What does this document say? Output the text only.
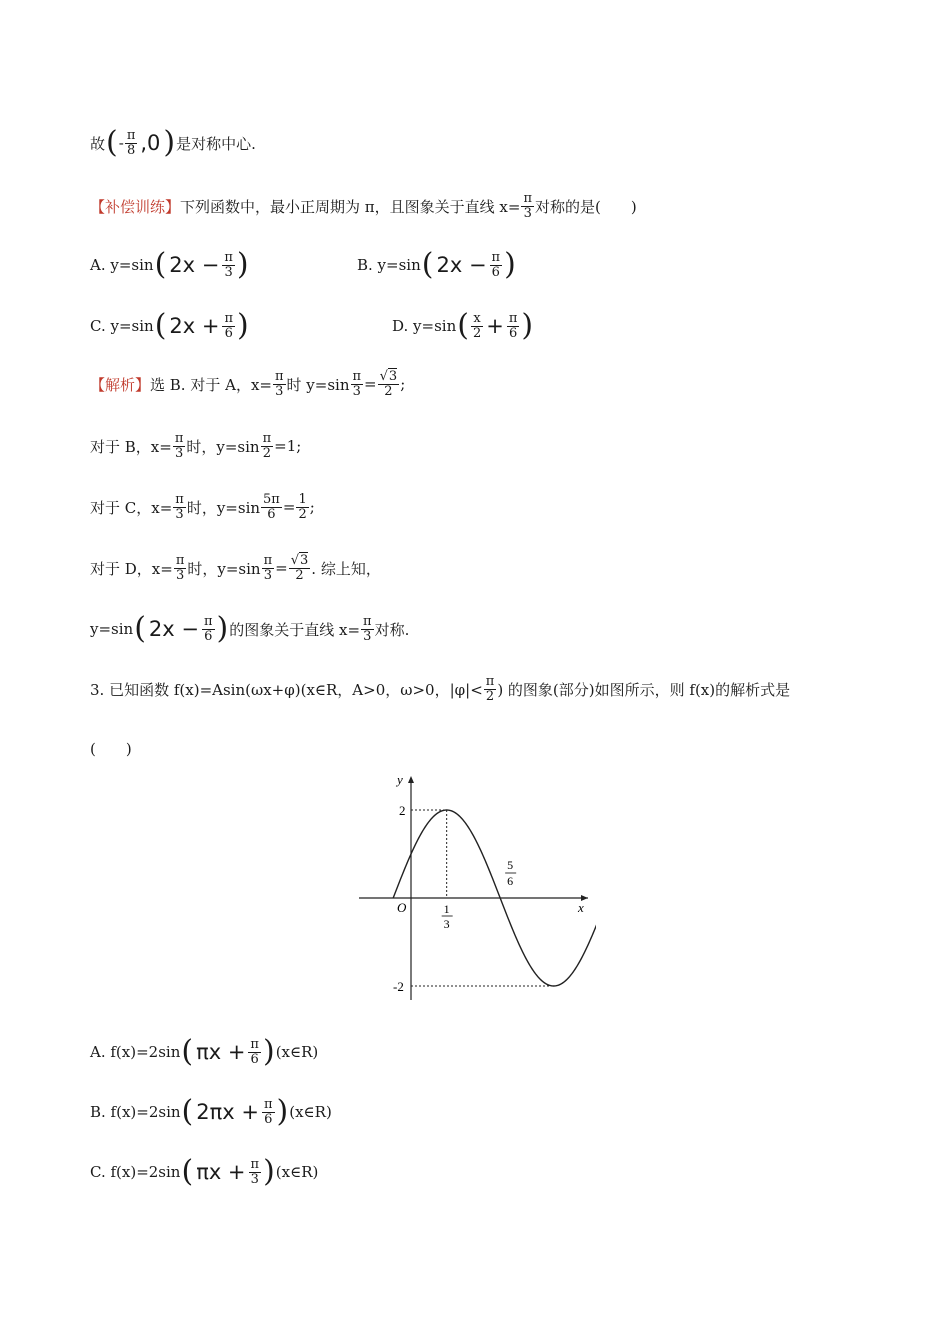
故 ( - $\frac{\pi}{8} ,0$ ) 是对称中心.
【补偿训练】 下列函数中，最小正周期为 π，且图象关于直线 $x= \frac{\pi}{3}$ 对称的是(　　)
A. y=sin ( $2x - \frac{\pi}{3}$ )	B. y=sin ( $2x - \frac{\pi}{6}$ )
C. y=sin ( $2x + \frac{\pi}{6}$ )	D. y=sin ( $\frac{x}{2} + \frac{\pi}{6}$ )
【解析】 选 B. 对于 A，$x= \frac{\pi}{3}$ 时 $y=\sin \frac{\pi}{3} = \frac{√3}{2}$ ;
对于 B，$x= \frac{\pi}{3}$ 时，$y=\sin \frac{\pi}{2} =1$;
对于 C，$x= \frac{\pi}{3}$ 时，$y=\sin \frac{5\pi}{6} = \frac{1}{2}$ ;
对于 D，$x= \frac{\pi}{3}$ 时，$y=\sin \frac{\pi}{3} = \frac{√3}{2}$ . 综上知，
y=sin ( $2x - \frac{\pi}{6}$ ) 的图象关于直线 $x= \frac{\pi}{3}$ 对称.
3. 已知函数 f(x)=Asin(ωx+φ)(x∈R，A>0，ω>0，$|\varphi|< \frac{\pi}{2}$ ) 的图象(部分)如图所示，则 f(x)的解析式是
(　　)
y
x
O
2
-2
1
3
5
6
A. f(x)=2sin ( $\pi x + \frac{\pi}{6}$ ) (x∈R)
B. f(x)=2sin ( $2\pi x + \frac{\pi}{6}$ ) (x∈R)
C. f(x)=2sin ( $\pi x + \frac{\pi}{3}$ ) (x∈R)
